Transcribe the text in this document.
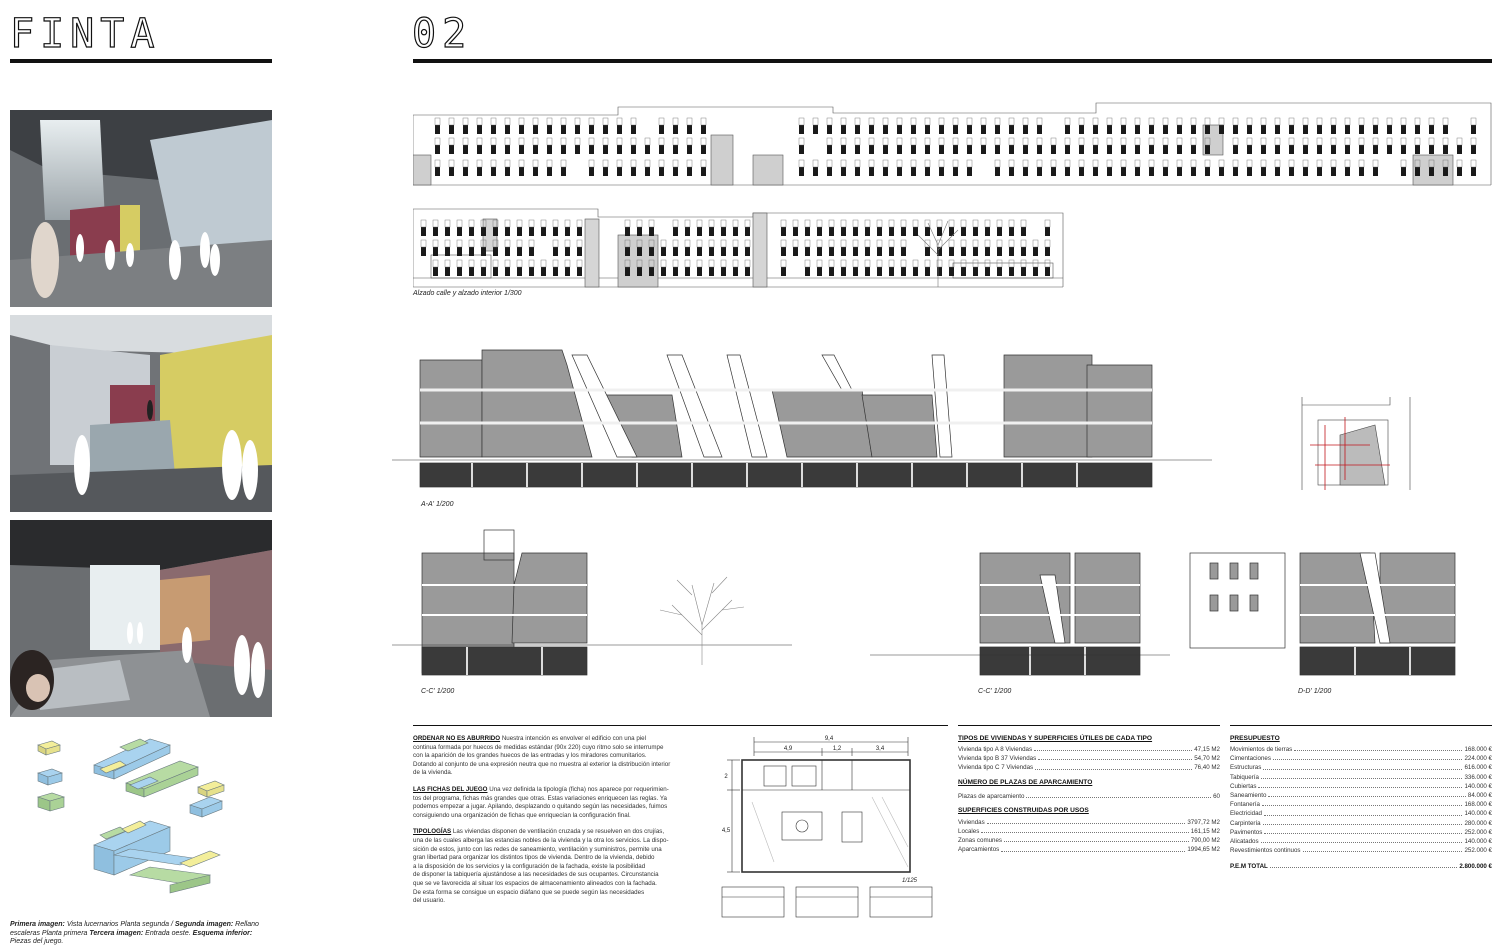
FINTA	02
Primera imagen: Vista lucernarios Planta segunda / Segunda imagen: Rellano escaleras Planta primera Tercera imagen: Entrada oeste. Esquema inferior: Piezas del juego.
Alzado calle y alzado interior 1/300
A-A' 1/200
C-C' 1/200	C-C' 1/200	D-D' 1/200
ORDENAR NO ES ABURRIDO Nuestra intención es envolver el edificio con una piel
continua formada por huecos de medidas estándar (90x 220) cuyo ritmo solo se interrumpe
con la aparición de los grandes huecos de las entradas y los miradores comunitarios.
Dotando al conjunto de una expresión neutra que no muestra al exterior la distribución interior
de la vivienda.
LAS FICHAS DEL JUEGO Una vez definida la tipología (ficha) nos aparece por requerimien-
tos del programa, fichas más grandes que otras. Estas variaciones enriquecen las reglas. Ya
podemos empezar a jugar. Apilando, desplazando o quitando según las necesidades, fuimos
consiguiendo una organización de fichas que enriquecían la configuración final.
TIPOLOGÍAS Las viviendas disponen de ventilación cruzada y se resuelven en dos crujías,
una de las cuales alberga las estancias nobles de la vivienda y la otra los servicios. La dispo-
sición de estos, junto con las redes de saneamiento, ventilación y suministros, permite una
gran libertad para organizar los distintos tipos de vivienda. Dentro de la vivienda, debido
a la disposición de los servicios y la configuración de la fachada, existe la posibilidad
de disponer la tabiquería ajustándose a las necesidades de sus ocupantes. Circunstancia
que se ve favorecida al situar los espacios de almacenamiento alineados con la fachada.
De esta forma se consigue un espacio diáfano que se puede según las necesidades
del usuario.
9,4
4,9	1,2	3,4
2
4,5
1/125
TIPOS DE VIVIENDAS Y SUPERFICIES ÚTILES DE CADA TIPO
Vivienda tipo A 8 Viviendas	47,15 M2
Vivienda tipo B 37 Viviendas	54,70 M2
Vivienda tipo C 7 Viviendas	76,40 M2
NÚMERO DE PLAZAS DE APARCAMIENTO
Plazas de aparcamiento	60
SUPERFICIES CONSTRUIDAS POR USOS
Viviendas	3797,72 M2
Locales	161,15 M2
Zonas comunes	790,00 M2
Aparcamientos	1994,65 M2
PRESUPUESTO
Movimientos de tierras	168.000 €
Cimentaciones	224.000 €
Estructuras	616.000 €
Tabiquería	336.000 €
Cubiertas	140.000 €
Saneamiento	84.000 €
Fontanería	168.000 €
Electricidad	140.000 €
Carpintería	280.000 €
Pavimentos	252.000 €
Alicatados	140.000 €
Revestimientos continuos	252.000 €
P.E.M TOTAL	2.800.000 €
